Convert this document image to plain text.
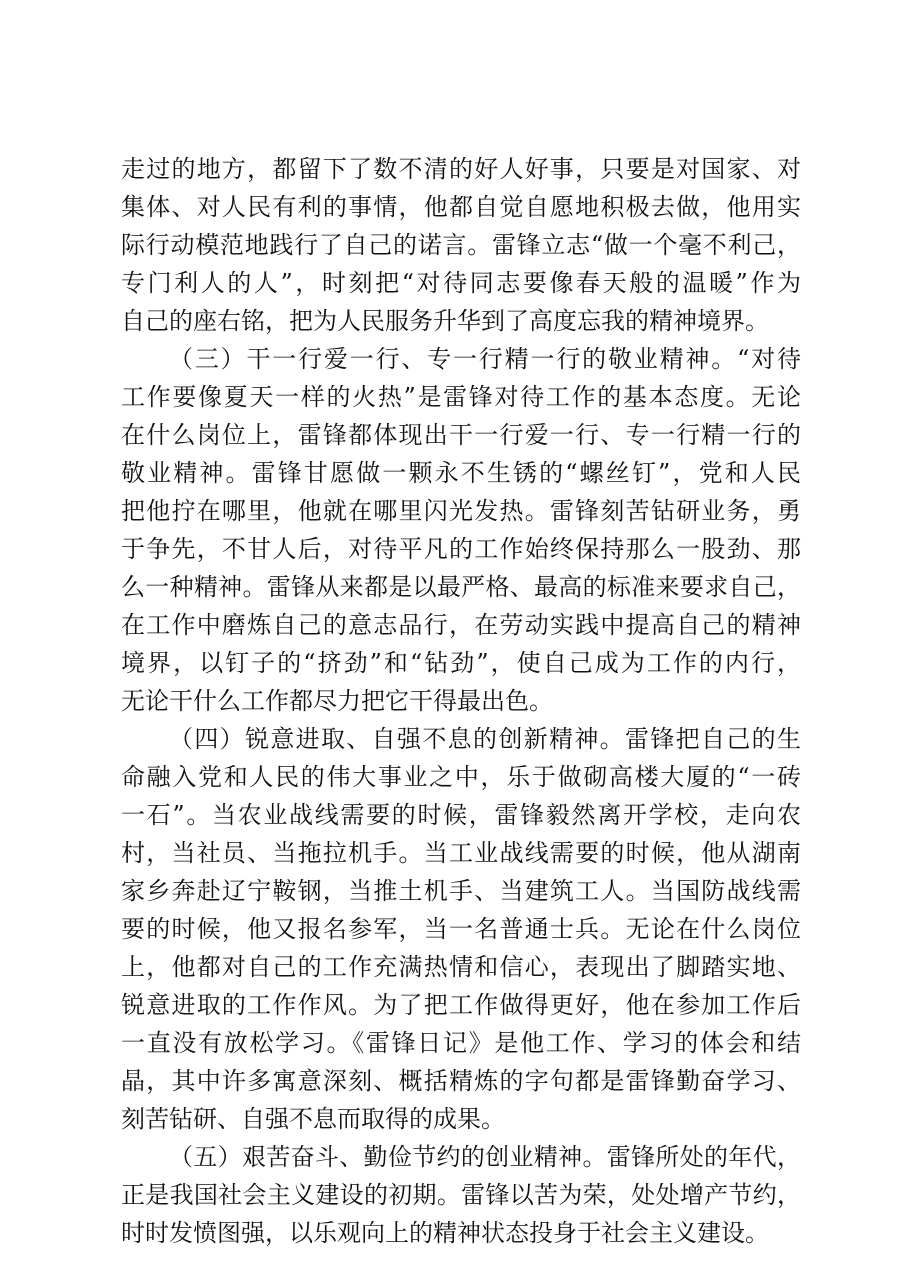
走过的地方，都留下了数不清的好人好事，只要是对国家、对
集体、对人民有利的事情，他都自觉自愿地积极去做，他用实
际行动模范地践行了自己的诺言。雷锋立志“做一个毫不利己，
专门利人的人”，时刻把“对待同志要像春天般的温暖”作为
自己的座右铭，把为人民服务升华到了高度忘我的精神境界。
（三）干一行爱一行、专一行精一行的敬业精神。“对待
工作要像夏天一样的火热”是雷锋对待工作的基本态度。无论
在什么岗位上，雷锋都体现出干一行爱一行、专一行精一行的
敬业精神。雷锋甘愿做一颗永不生锈的“螺丝钉”，党和人民
把他拧在哪里，他就在哪里闪光发热。雷锋刻苦钻研业务，勇
于争先，不甘人后，对待平凡的工作始终保持那么一股劲、那
么一种精神。雷锋从来都是以最严格、最高的标准来要求自己，
在工作中磨炼自己的意志品行，在劳动实践中提高自己的精神
境界，以钉子的“挤劲”和“钻劲”，使自己成为工作的内行，
无论干什么工作都尽力把它干得最出色。
（四）锐意进取、自强不息的创新精神。雷锋把自己的生
命融入党和人民的伟大事业之中，乐于做砌高楼大厦的“一砖
一石”。当农业战线需要的时候，雷锋毅然离开学校，走向农
村，当社员、当拖拉机手。当工业战线需要的时候，他从湖南
家乡奔赴辽宁鞍钢，当推土机手、当建筑工人。当国防战线需
要的时候，他又报名参军，当一名普通士兵。无论在什么岗位
上，他都对自己的工作充满热情和信心，表现出了脚踏实地、
锐意进取的工作作风。为了把工作做得更好，他在参加工作后
一直没有放松学习。《雷锋日记》是他工作、学习的体会和结
晶，其中许多寓意深刻、概括精炼的字句都是雷锋勤奋学习、
刻苦钻研、自强不息而取得的成果。
（五）艰苦奋斗、勤俭节约的创业精神。雷锋所处的年代，
正是我国社会主义建设的初期。雷锋以苦为荣，处处增产节约，
时时发愤图强，以乐观向上的精神状态投身于社会主义建设。
